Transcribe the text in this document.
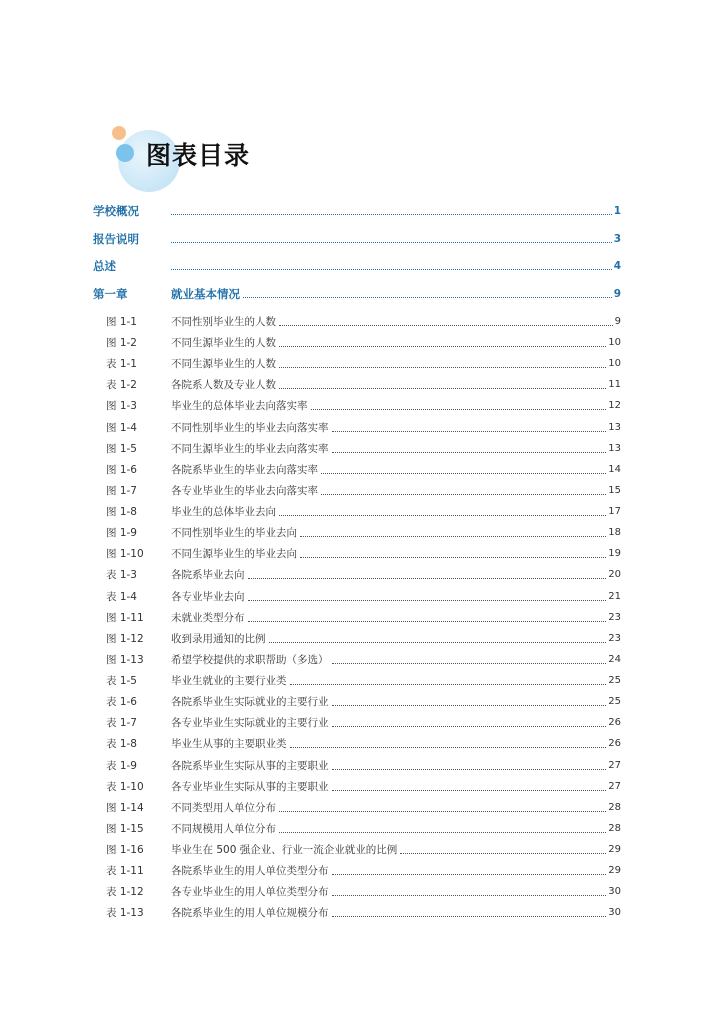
图表目录
学校概况	1
报告说明	3
总述	4
第一章	就业基本情况	9
图 1-1	不同性别毕业生的人数	9
图 1-2	不同生源毕业生的人数	10
表 1-1	不同生源毕业生的人数	10
表 1-2	各院系人数及专业人数	11
图 1-3	毕业生的总体毕业去向落实率	12
图 1-4	不同性别毕业生的毕业去向落实率	13
图 1-5	不同生源毕业生的毕业去向落实率	13
图 1-6	各院系毕业生的毕业去向落实率	14
图 1-7	各专业毕业生的毕业去向落实率	15
图 1-8	毕业生的总体毕业去向	17
图 1-9	不同性别毕业生的毕业去向	18
图 1-10	不同生源毕业生的毕业去向	19
表 1-3	各院系毕业去向	20
表 1-4	各专业毕业去向	21
图 1-11	未就业类型分布	23
图 1-12	收到录用通知的比例	23
图 1-13	希望学校提供的求职帮助（多选）	24
表 1-5	毕业生就业的主要行业类	25
表 1-6	各院系毕业生实际就业的主要行业	25
表 1-7	各专业毕业生实际就业的主要行业	26
表 1-8	毕业生从事的主要职业类	26
表 1-9	各院系毕业生实际从事的主要职业	27
表 1-10	各专业毕业生实际从事的主要职业	27
图 1-14	不同类型用人单位分布	28
图 1-15	不同规模用人单位分布	28
图 1-16	毕业生在 500 强企业、行业一流企业就业的比例	29
表 1-11	各院系毕业生的用人单位类型分布	29
表 1-12	各专业毕业生的用人单位类型分布	30
表 1-13	各院系毕业生的用人单位规模分布	30
